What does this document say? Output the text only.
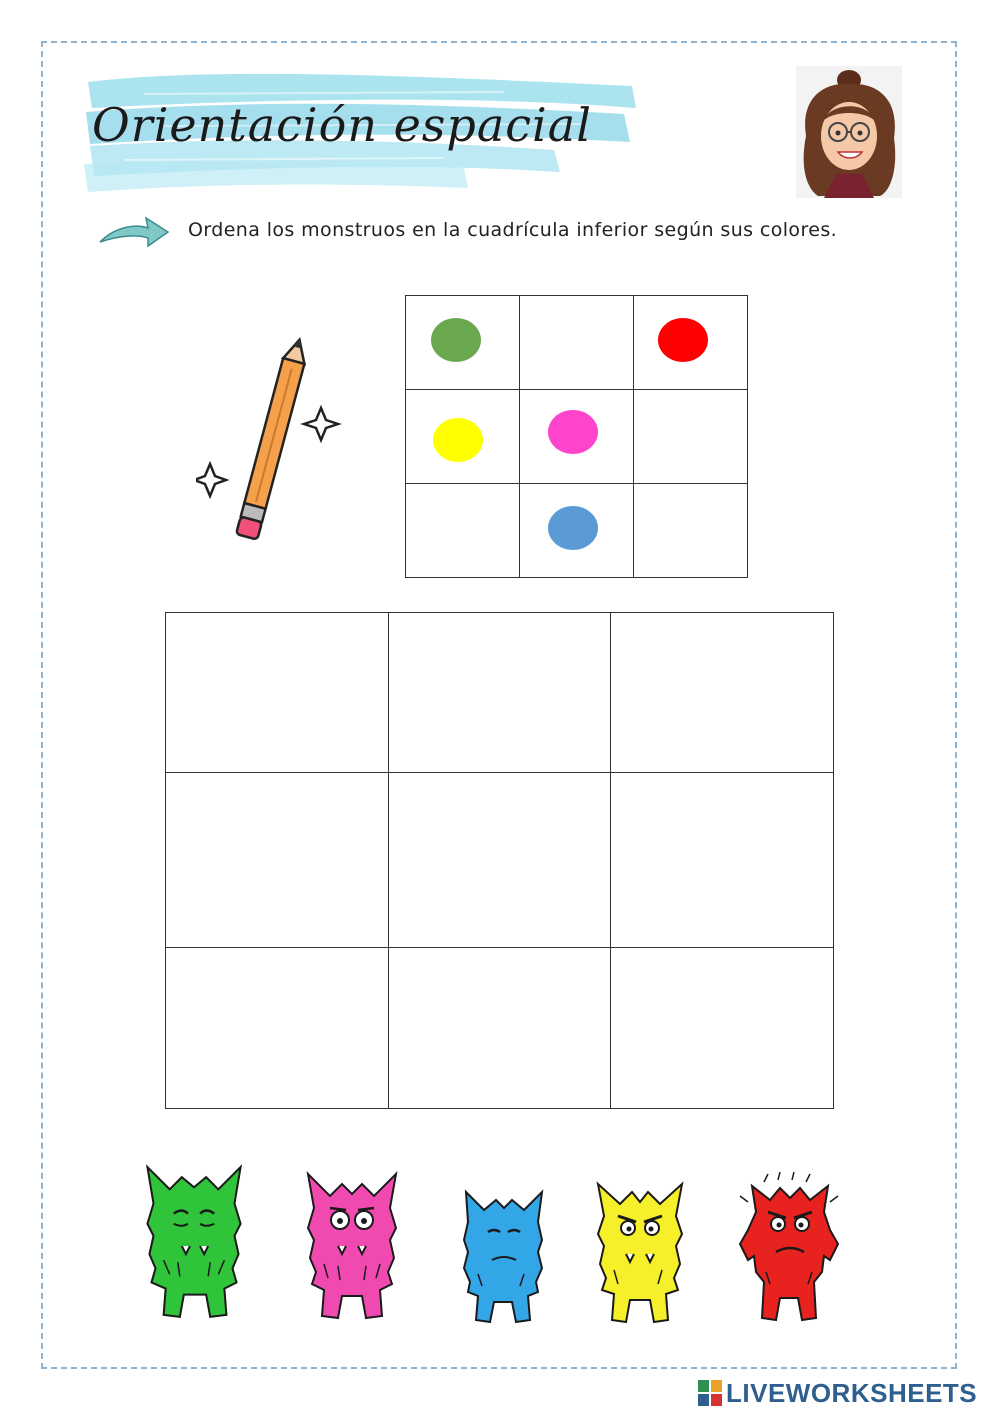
Orientación espacial
Ordena los monstruos en la cuadrícula inferior según sus colores.

LIVEWORKSHEETS
